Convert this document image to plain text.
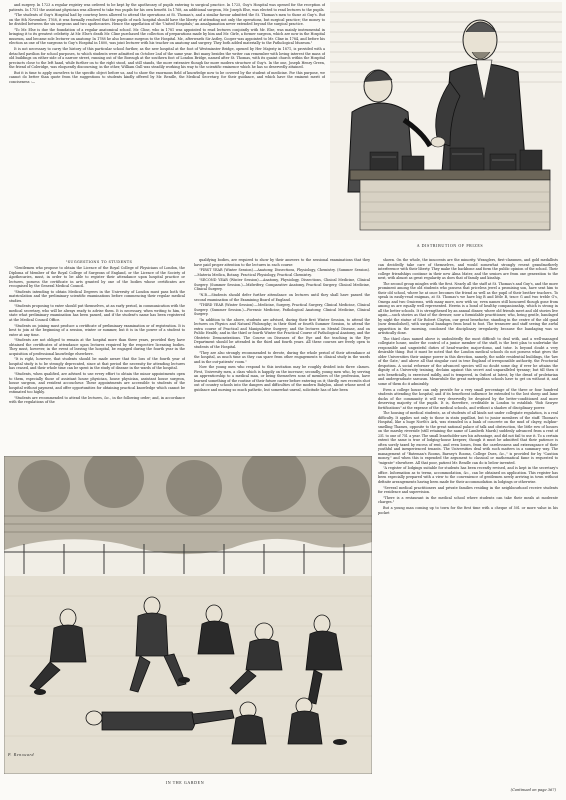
and surgery. In 1723 a regular registry was ordered to be kept by the apothecary of pupils entering to surgical practice. In 1725, Guy's Hospital was opened for the reception of patients. In 1751 the assistant physician was allowed to take two pupils for his own benefit. In 1768, an additional surgeon, Mr. Joseph Else, was elected to read lectures to the pupils.

"The students of Guy's Hospital had by courtesy been allowed to attend the operations at St. Thomas's, and a similar favour admitted the St. Thomas's men to those at Guy's. But on the 8th November, 1768, it was formally resolved that the pupils of each hospital should have the liberty of attending not only the operations, but surgical practice; the money to be divided between the six surgeons and two apothecaries. Hence the appellation of the 'United Hospitals;' an amalgamation never extended beyond the surgical practice.

"To Mr. Else is due the foundation of a regular anatomical school. Mr. Cline, who in 1781 was appointed to read lectures conjointly with Mr. Else, was mainly instrumental in bringing it to its greatest celebrity. At Mr. Else's death Mr. Cline purchased the collection of preparations made by him and Mr. Girle, a former surgeon, which are now in the Hospital museum, and became sole lecturer on anatomy. In 1788 he also became surgeon to the Hospital. Mr., afterwards Sir Astley, Cooper was appointed to Mr. Cline in 1784, and before his election as one of the surgeons to Guy's Hospital in 1800, was joint lecturer with his teacher on anatomy and surgery. They both added materially to the Pathological Museum."

It is not necessary to carry the history of this particular school further, as the new hospital at the foot of Westminster Bridge, opened by Her Majesty in 1871, is provided with a detached pavilion for school purposes, to which students were admitted on October 2nd of the same year. But many besides the writer can remember with loving interest the mass of old buildings on either side of a narrow street, running out of the Borough at the southern foot of London Bridge, named after St. Thomas, with its quaint church within the Hospital precincts close to the left hand, while further on to the right stood, and still stands, the more extensive though far more modern structure of Guy's. In the one, Joseph Henry Green, the friend of Coleridge, was eloquently discoursing; in the other, William Gull was steadily working his way to the scientific eminence which he has so deservedly attained.

But it is time to apply ourselves to the specific object before us, and to show the enormous field of knowledge now to be covered by the student of medicine. For this purpose, we cannot do better than quote from the suggestions to students kindly offered by Mr. Rendle, the Medical Secretary, for their guidance, and which have the eminent merit of conciseness :—

A DISTRIBUTION OF PRIZES
"SUGGESTIONS TO STUDENTS

"Gentlemen who propose to obtain the Licence of the Royal College of Physicians of London, the Diploma of Member of the Royal College of Surgeons of England, or the Licence of the Society of Apothecaries, must, in order to be able to register their attendance upon hospital practice or lectures, possess the certificate in arts granted by one of the bodies whose certificates are recognised by the General Medical Council.

"Students intending to obtain Medical Degrees in the University of London must pass both the matriculation and the preliminary scientific examinations before commencing their regular medical studies.

"Students proposing to enter should put themselves, at an early period, in communication with the medical secretary, who will be always ready to advise them. It is necessary, when writing to him, to state what preliminary examination has been passed, and if the student's name has been registered at the Medical Council Office.

"Students on joining must produce a certificate of preliminary examination or of registration. It is best to join at the beginning of a session, winter or summer, but it is in the power of a student to enter at any time.

"Students are not obliged to remain at the hospital more than three years, provided they have obtained the certificates of attendance upon lectures required by the respective licensing bodies. They must, however, in the event of leaving the hospital, be engaged during the fourth year in the acquisition of professional knowledge elsewhere.

"It is right, however, that students should be made aware that the loss of the fourth year of hospital study is to be strongly deprecated, since at that period the necessity for attending lectures has ceased, and their whole time can be spent in the study of disease in the wards of the hospital.

"Students, when qualified, are advised to use every effort to obtain the minor appointments open to them, especially those of assistant house physician, house physician, assistant house surgeon, house surgeon, and resident accoucheur. These appointments are accessible to students of the hospital without payment, and offer opportunities for obtaining practical knowledge which cannot be estimated too highly.

"Students are recommended to attend the lectures, &c., in the following order; and, in accordance with the regulations of the

qualifying bodies, are required to show by their answers to the sessional examinations that they have paid proper attention to the lectures in each course:

"FIRST YEAR (Winter Session).—Anatomy, Dissections, Physiology, Chemistry. (Summer Session).—Materia Medica, Botany, Practical Physiology, Practical Chemistry.

"SECOND YEAR (Winter Session).—Anatomy, Physiology, Dissections, Clinical Medicine, Clinical Surgery. (Summer Session.)—Midwifery, Comparative Anatomy, Practical Surgery, Clinical Medicine, Clinical Surgery.

"N.B.—Students should defer further attendance on lectures until they shall have passed the second examination of the Examining Board of England.

"THIRD YEAR (Winter Session).—Medicine, Surgery, Practical Surgery, Clinical Medicine, Clinical Surgery. (Summer Session.)—Forensic Medicine, Pathological Anatomy, Clinical Medicine, Clinical Surgery.

"In addition to the above, students are advised, during their first Winter Session, to attend the lectures on Physics and Natural Philosophy; in their third or fourth Summer Session, to attend the extra course of Practical and Manipulative Surgery; and the lectures on Mental Disease, and on Public Health; and in the third or fourth Winter the Practical Course of Pathological Anatomy, and the Obstetric Demonstrations. The Course on Diseases of the Eye and the teaching in the Eye Department should be attended in the third and fourth years. All these courses are freely open to students of the Hospital.

"They are also strongly recommended to devote, during the whole period of their attendance at the hospital, as much time as they can spare from other engagements to clinical study in the wards and in the out-patients' room."

Now the young men who respond to this invitation may be roughly divided into three classes. First, University men, a class which is happily on the increase; secondly, young men who, by serving an apprenticeship to a medical man, or being themselves sons of members of the profession, have learned something of the routine of their future career before entering on it; thirdly, raw recruits shot out of country schools into the dangers and difficulties of the modern Babylon, about whose need of guidance and nursing so much pathetic, but somewhat unreal, solicitude has of late been

shown. On the whole, the innocents are the minority. Wranglers, first-classmen, and gold medallists can decidedly take care of themselves, and would somewhat strongly resent grandmotherly interference with their liberty. They make the backbone and form the public opinion of the school. Their college friendships continue in their new Alma Mater, and the seniors are from one generation to the next, with almost as great regularity as does that of family and kinship.

The second group mingles with the first. Nearly all the staff at St. Thomas's and Guy's, and the more prominent among the old students who possess that priceless jewel a promising son, have sent him to their old school, where he at once becomes the friend as well as the pupil of their brother teachers. To speak in easily-read enigmas, at St. Thomas's we have big B and little B, trace G and two treble G's, Omega and two Omicrons, with many more, now with us; even names still honoured though gone from among us are equally well represented. Herein is a bond of healthy companionship, which is strong in all the better schools. It is strengthened by an annual dinner, where old friends meet and old stories live again,—such stories as that of the dresser, now a formidable practitioner, who, being gentle, bandaged by night the statue of Sir Robert Clayton, our great benefactor, standing in the centre of the old quad (now demolished), with surgical bandages from head to foot. The treasurer and staff seeing the awful apparition in the morning, condoned the disciplinary irregularity because the bandaging was so artistically done.

The third class named above is undoubtedly the most difficult to deal with, and a well-managed collegiate house, under the control of a junior member of the staff, is the best plan to undertake the responsible and ungrateful duties of head-warder, major-domo, and tutor. Is beyond doubt a very desirable thing. But it must be noted that the London medical schools do not possess what gives the older Universities their unique power in this direction, namely, the noble residential buildings, the 'law of the Gate,' and above all that singular cast in true England of irresponsible authority, the Proctorial despotism. A social reformer of the advanced species will no doubt some day, if ever he attains the dignity of a University training, declaim against this secret and unparalleled tyranny; but till then it acts beneficially, is exercised mildly, and is tempered, in Oxford at latest, by the dread of proletarian and undergraduate sarcasm. Meanwhile the great metropolitan schools have to get on without it, and some of them do it admirably.

Even a college house can only provide for a very small percentage of the three or four hundred students attending the hospital; and if its beneficent influence be extended to the lost sheep and lame ducks of the community it will very deservedly be despised by the better-conditioned and more deserving majority of the pupils. It is, therefore, creditable in London to establish "Bob Sawyer fortifications" at the expense of the medical schools, and without a shadow of disciplinary power.

The housing of medical students, as of students of all kinds not under collegiate regulation, is a real difficulty. It applies not only to those in statu pupillari, but to junior members of the staff. Thomas's Hospital, like a huge North's Ark, was stranded in a bank of concrete on the mud of clayey, sulphur-smelling Thames, opposite to the great national palace of talk and obstruction, the little row of houses on the marshy riverside (still retaining the name of Lambeth Marsh) suddenly advanced from a rent of 25l. to one of 75l. a year. The small leaseholder saw his advantage, and did not fail to use it. To a certain extent the same is true of lodging-house keepers; though it must be admitted that their patience is often sorely taxed by excess of rent, and even losses, from the carelessness and extravagance of their youthful and inexperienced tenants. The Universities deal with such matters in a summary way. The management of "Bateman's Rooms, Barney's Rooms, College Dues, &c.," is provided for by "Caution money," and when this is expended the argument to classical or mathematical fame is requested to "migrate" elsewhere. All that poor, patient Mr. Rendle can do is below invented.

"A register of lodgings suitable for students has been recently revised, and is kept in the secretary's office. Information as to terms, accommodation, &c., can be obtained on application. This register has been especially prepared with a view to the convenience of gentlemen newly arriving in town without definite arrangements having been made for their accommodation in lodgings or otherwise.

"Several medical practitioners and private families residing in the neighbourhood receive students for residence and supervision.

"There is a restaurant in the medical school where students can take their meals at moderate charges."

But a young man coming up to town for the first time with a cheque of 50l. or more value in his pocket

(Continued on page 367)
P. Renouard
IN THE GARDEN
